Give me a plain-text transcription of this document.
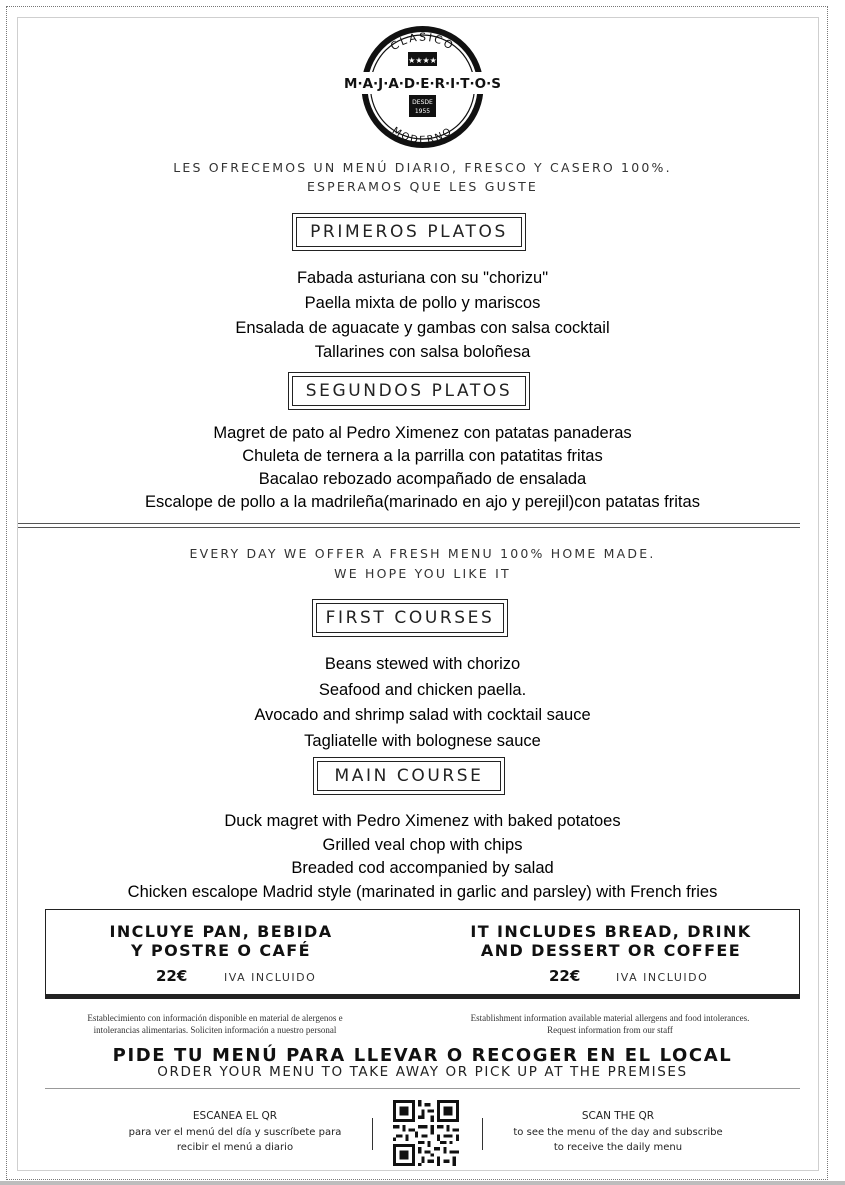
CLÁSICO
MODERNO
★★★★
M·A·J·A·D·E·R·I·T·O·S
DESDE
1955
LES OFRECEMOS UN MENÚ DIARIO, FRESCO Y CASERO 100%.
ESPERAMOS QUE LES GUSTE
PRIMEROS PLATOS
Fabada asturiana con su "chorizu"
Paella mixta de pollo y mariscos
Ensalada de aguacate y gambas con salsa cocktail
Tallarines con salsa boloñesa
SEGUNDOS PLATOS
Magret de pato al Pedro Ximenez con patatas panaderas
Chuleta de ternera a la parrilla con patatitas fritas
Bacalao rebozado acompañado de ensalada
Escalope de pollo a la madrileña(marinado en ajo y perejil)con patatas fritas
EVERY DAY WE OFFER A FRESH MENU 100% HOME MADE.
WE HOPE YOU LIKE IT
FIRST COURSES
Beans stewed with chorizo
Seafood and chicken paella.
Avocado and shrimp salad with cocktail sauce
Tagliatelle with bolognese sauce
MAIN COURSE
Duck magret with Pedro Ximenez with baked potatoes
Grilled veal chop with chips
Breaded cod accompanied by salad
Chicken escalope Madrid style (marinated in garlic and parsley) with French fries
INCLUYE PAN, BEBIDA
Y POSTRE O CAFÉ
22€	IVA INCLUIDO
IT INCLUDES BREAD, DRINK
AND DESSERT OR COFFEE
22€	IVA INCLUIDO
Establecimiento con información disponible en material de alergenos e
intolerancias alimentarias. Soliciten información a nuestro personal
Establishment information available material allergens and food intolerances.
Request information from our staff
PIDE TU MENÚ PARA LLEVAR O RECOGER EN EL LOCAL
ORDER YOUR MENU TO TAKE AWAY OR PICK UP AT THE PREMISES
ESCANEA EL QR
para ver el menú del día y suscríbete para
recibir el menú a diario
SCAN THE QR
to see the menu of the day and subscribe
to receive the daily menu
